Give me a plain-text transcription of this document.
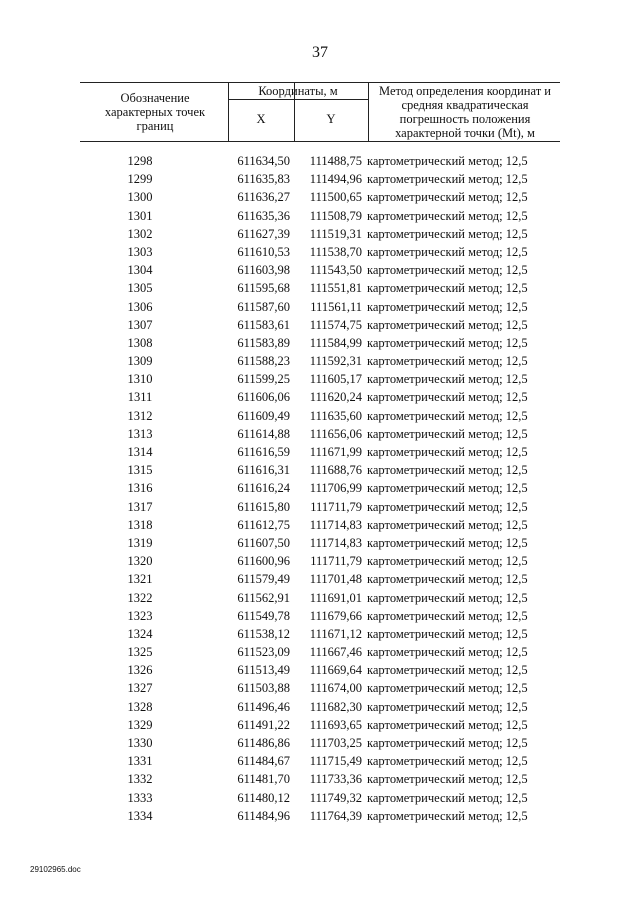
37
Обозначение характерных точек границ
Координаты, м
X	Y
Метод определения координат и средняя квадратическая погрешность положения характерной точки (Mt), м
1298	611634,50	111488,75 картометрический метод; 12,5
1299	611635,83	111494,96 картометрический метод; 12,5
1300	611636,27	111500,65 картометрический метод; 12,5
1301	611635,36	111508,79 картометрический метод; 12,5
1302	611627,39	111519,31 картометрический метод; 12,5
1303	611610,53	111538,70 картометрический метод; 12,5
1304	611603,98	111543,50 картометрический метод; 12,5
1305	611595,68	111551,81 картометрический метод; 12,5
1306	611587,60	111561,11 картометрический метод; 12,5
1307	611583,61	111574,75 картометрический метод; 12,5
1308	611583,89	111584,99 картометрический метод; 12,5
1309	611588,23	111592,31 картометрический метод; 12,5
1310	611599,25	111605,17 картометрический метод; 12,5
1311	611606,06	111620,24 картометрический метод; 12,5
1312	611609,49	111635,60 картометрический метод; 12,5
1313	611614,88	111656,06 картометрический метод; 12,5
1314	611616,59	111671,99 картометрический метод; 12,5
1315	611616,31	111688,76 картометрический метод; 12,5
1316	611616,24	111706,99 картометрический метод; 12,5
1317	611615,80	111711,79 картометрический метод; 12,5
1318	611612,75	111714,83 картометрический метод; 12,5
1319	611607,50	111714,83 картометрический метод; 12,5
1320	611600,96	111711,79 картометрический метод; 12,5
1321	611579,49	111701,48 картометрический метод; 12,5
1322	611562,91	111691,01 картометрический метод; 12,5
1323	611549,78	111679,66 картометрический метод; 12,5
1324	611538,12	111671,12 картометрический метод; 12,5
1325	611523,09	111667,46 картометрический метод; 12,5
1326	611513,49	111669,64 картометрический метод; 12,5
1327	611503,88	111674,00 картометрический метод; 12,5
1328	611496,46	111682,30 картометрический метод; 12,5
1329	611491,22	111693,65 картометрический метод; 12,5
1330	611486,86	111703,25 картометрический метод; 12,5
1331	611484,67	111715,49 картометрический метод; 12,5
1332	611481,70	111733,36 картометрический метод; 12,5
1333	611480,12	111749,32 картометрический метод; 12,5
1334	611484,96	111764,39 картометрический метод; 12,5
29102965.doc
